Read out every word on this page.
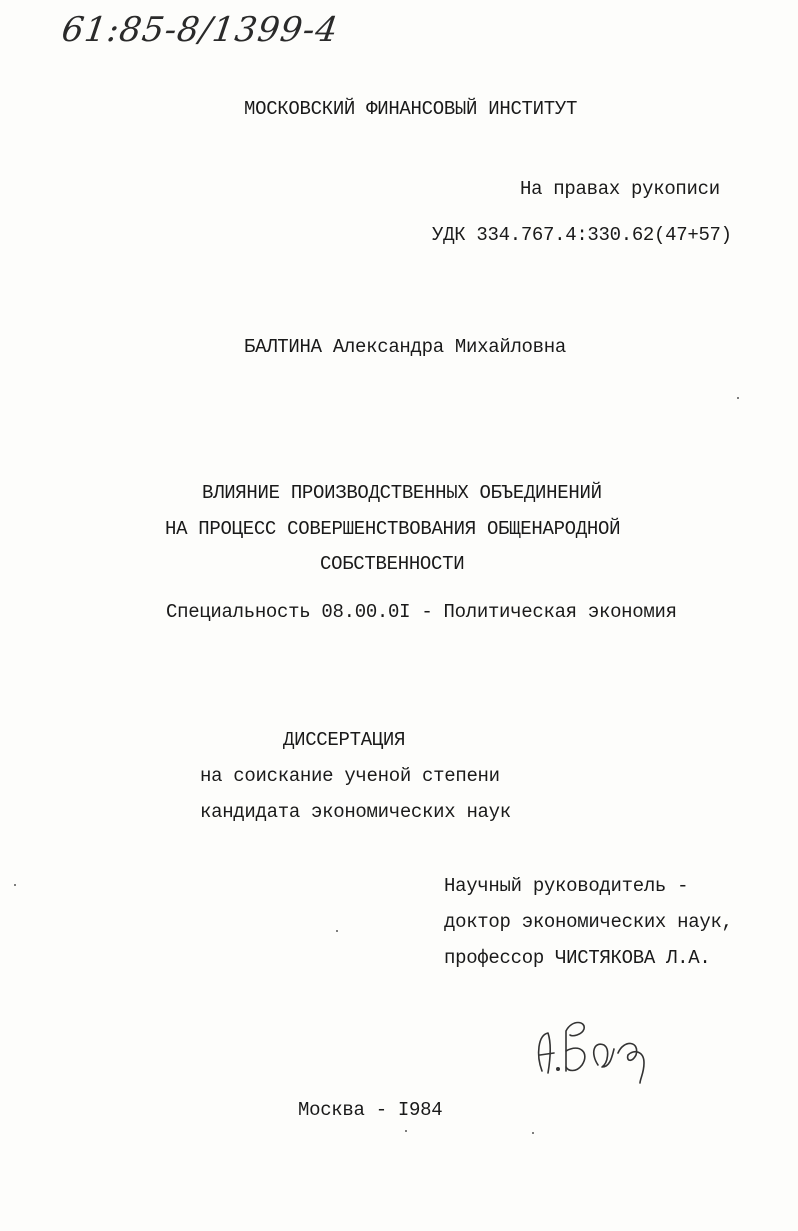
61:85-8/1399-4
МОСКОВСКИЙ ФИНАНСОВЫЙ ИНСТИТУТ
На правах рукописи
УДК 334.767.4:330.62(47+57)
БАЛТИНА Александра Михайловна
ВЛИЯНИЕ ПРОИЗВОДСТВЕННЫХ ОБЪЕДИНЕНИЙ
НА ПРОЦЕСС СОВЕРШЕНСТВОВАНИЯ ОБЩЕНАРОДНОЙ
СОБСТВЕННОСТИ
Специальность 08.00.0I - Политическая экономия
ДИССЕРТАЦИЯ
на соискание ученой степени
кандидата экономических наук
Научный руководитель -
доктор экономических наук,
профессор ЧИСТЯКОВА Л.А.
Москва - I984
